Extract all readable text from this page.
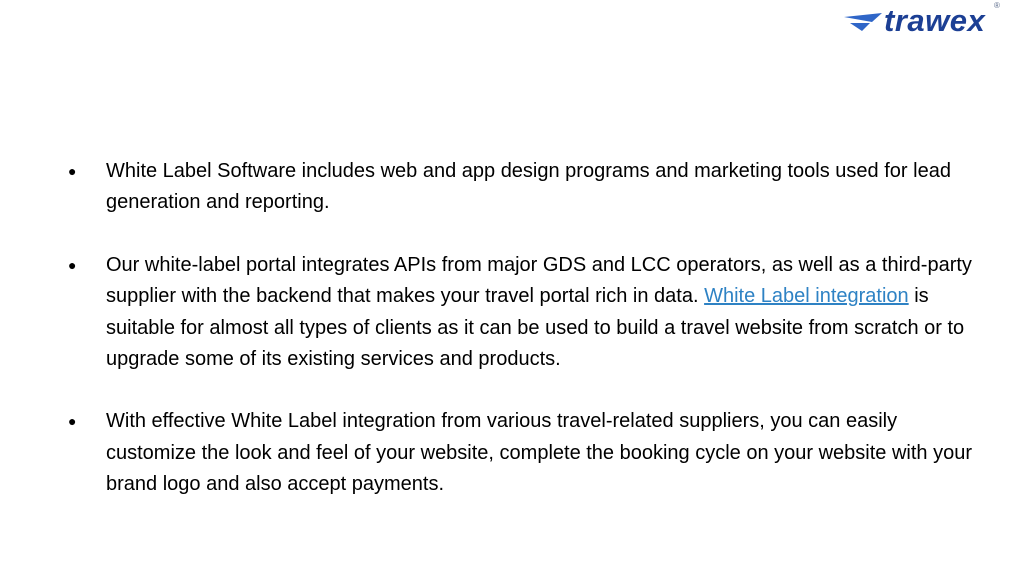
trawex ®
● White Label Software includes web and app design programs and marketing tools used for lead generation and reporting.
● Our white-label portal integrates APIs from major GDS and LCC operators, as well as a third-party supplier with the backend that makes your travel portal rich in data. White Label integration is suitable for almost all types of clients as it can be used to build a travel website from scratch or to upgrade some of its existing services and products.
● With effective White Label integration from various travel-related suppliers, you can easily customize the look and feel of your website, complete the booking cycle on your website with your brand logo and also accept payments.
